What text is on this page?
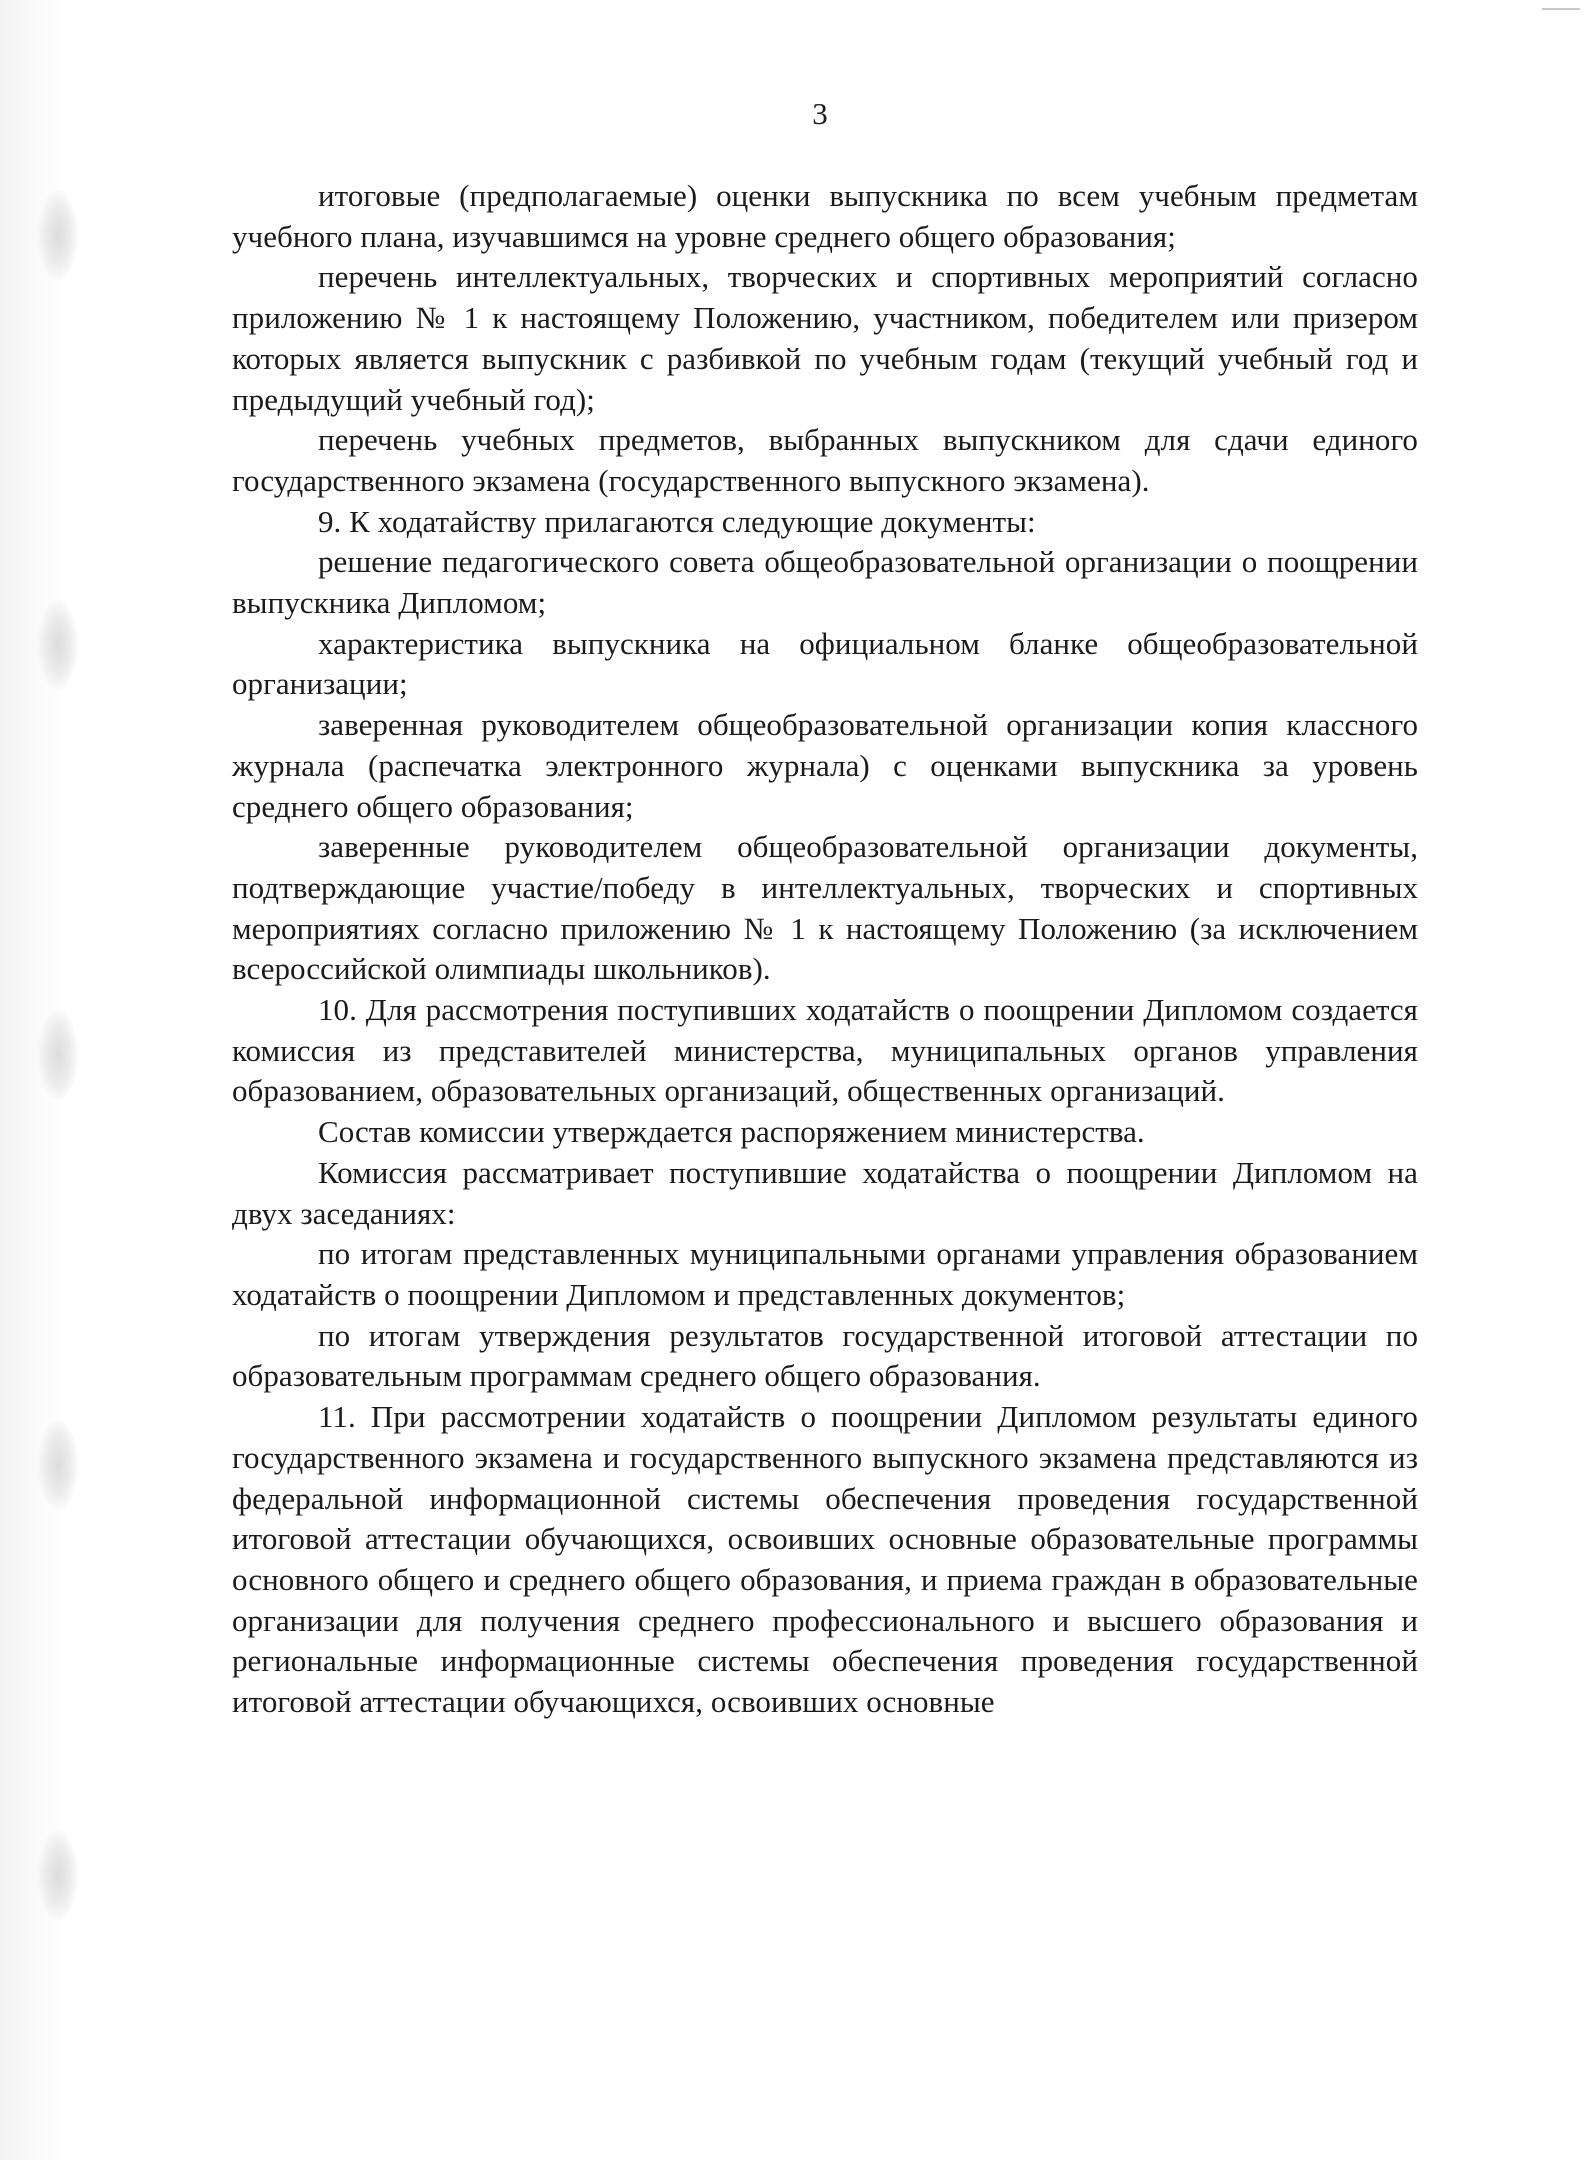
3

итоговые (предполагаемые) оценки выпускника по всем учебным предметам учебного плана, изучавшимся на уровне среднего общего образования;

перечень интеллектуальных, творческих и спортивных мероприятий согласно приложению № 1 к настоящему Положению, участником, победителем или призером которых является выпускник с разбивкой по учебным годам (текущий учебный год и предыдущий учебный год);

перечень учебных предметов, выбранных выпускником для сдачи единого государственного экзамена (государственного выпускного экзамена).

9. К ходатайству прилагаются следующие документы:

решение педагогического совета общеобразовательной организации о поощрении выпускника Дипломом;

характеристика выпускника на официальном бланке общеобразовательной организации;

заверенная руководителем общеобразовательной организации копия классного журнала (распечатка электронного журнала) с оценками выпускника за уровень среднего общего образования;

заверенные руководителем общеобразовательной организации документы, подтверждающие участие/победу в интеллектуальных, творческих и спортивных мероприятиях согласно приложению № 1 к настоящему Положению (за исключением всероссийской олимпиады школьников).

10. Для рассмотрения поступивших ходатайств о поощрении Дипломом создается комиссия из представителей министерства, муниципальных органов управления образованием, образовательных организаций, общественных организаций.

Состав комиссии утверждается распоряжением министерства.

Комиссия рассматривает поступившие ходатайства о поощрении Дипломом на двух заседаниях:

по итогам представленных муниципальными органами управления образованием ходатайств о поощрении Дипломом и представленных документов;

по итогам утверждения результатов государственной итоговой аттестации по образовательным программам среднего общего образования.

11. При рассмотрении ходатайств о поощрении Дипломом результаты единого государственного экзамена и государственного выпускного экзамена представляются из федеральной информационной системы обеспечения проведения государственной итоговой аттестации обучающихся, освоивших основные образовательные программы основного общего и среднего общего образования, и приема граждан в образовательные организации для получения среднего профессионального и высшего образования и региональные информационные системы обеспечения проведения государственной итоговой аттестации обучающихся, освоивших основные
